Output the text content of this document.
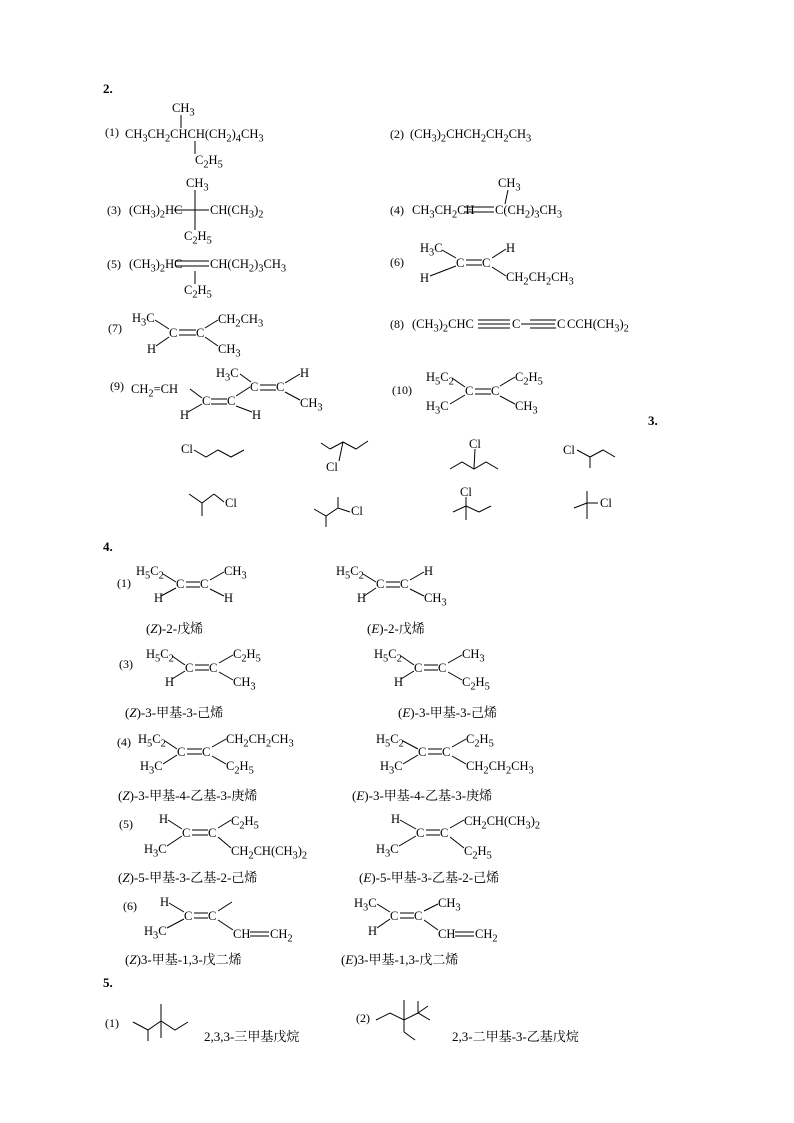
2.
3.
4.
5.
(1)
$CH_3$
$CH_3CH_2CHCH(CH_2)_4CH_3$
$C_2H_5$
(2) $(CH_3)_2CHCH_2CH_2CH_3$
(3)
$CH_3$
$(CH_3)_2HC$ $CH(CH_3)_2$
$C_2H_5$
(4)
$CH_3$
$CH_3CH_2CH$ $C(CH_2)_3CH_3$
(5) $(CH_3)_2HC$ $CH(CH_2)_3CH_3$
$C_2H_5$
(6)
$H_3C$
H
C C
H
$CH_2CH_2CH_3$
(7)
$H_3C$
H
C C
$CH_2CH_3$
$CH_3$
(8) $(CH_3)_2CHC$	C	C $CCH(CH_3)_2$
(9) $CH_2=CH$
H
C C
$H_3C$
H
C C
H
$CH_3$
(10)
$H_5C_2$
$H_3C$
C C
$C_2H_5$
$CH_3$
Cl
Cl
Cl	Cl
Cl
Cl
Cl
Cl
(1)
$H_5C_2$
H
C C
$CH_3$
H
(Z)-2-戊烯
$H_5C_2$
H
C C
H
$CH_3$
(E)-2-戊烯
(3)
$H_5C_2$
H
C C
$C_2H_5$
$CH_3$
(Z)-3-甲基-3-己烯
$H_5C_2$
H
C C
$CH_3$
$C_2H_5$
(E)-3-甲基-3-己烯
(4) $H_5C_2$
$H_3C$
C C
$CH_2CH_2CH_3$
$C_2H_5$
(Z)-3-甲基-4-乙基-3-庚烯
$H_5C_2$
$H_3C$
C C
$C_2H_5$
$CH_2CH_2CH_3$
(E)-3-甲基-4-乙基-3-庚烯
(5) H
$H_3C$
C C
$C_2H_5$
$CH_2CH(CH_3)_2$
(Z)-5-甲基-3-乙基-2-己烯
H
$H_3C$
C C
$CH_2CH(CH_3)_2$
$C_2H_5$
(E)-5-甲基-3-乙基-2-己烯
(6) H
$H_3C$
C C
CH $CH_2$
(Z)3-甲基-1,3-戊二烯
$H_3C$
H
C C
$CH_3$
CH $CH_2$
(E)3-甲基-1,3-戊二烯
(1)
2,3,3-三甲基戊烷
(2)
2,3-二甲基-3-乙基戊烷
